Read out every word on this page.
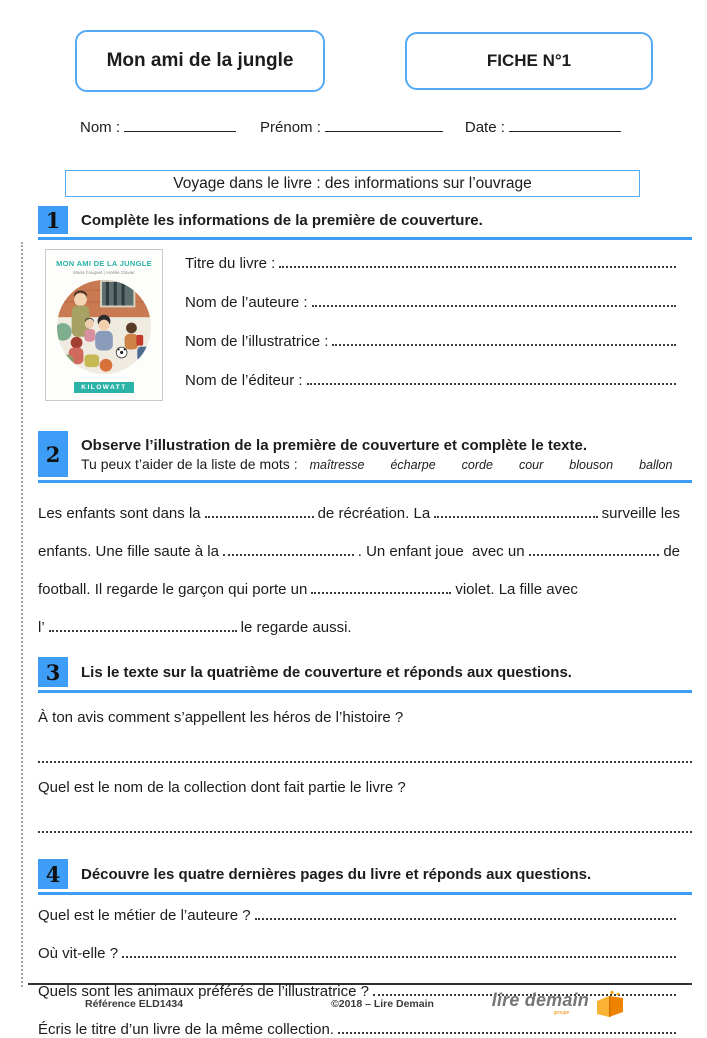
Mon ami de la jungle	FICHE N°1
Nom :	Prénom :	Date :
Voyage dans le livre : des informations sur l’ouvrage
1	Complète les informations de la première de couverture.
MON AMI DE LA JUNGLE
Maria Fouquet | Amélie Clavier
KILOWATT
Titre du livre :
Nom de l’auteure :
Nom de l’illustratrice :
Nom de l’éditeur :
2	Observe l’illustration de la première de couverture et complète le texte.
Tu peux t’aider de la liste de mots : maîtresse écharpe corde cour blouson ballon
Les enfants sont dans la	de récréation. La	surveille les
enfants. Une fille saute à la	. Un enfant joue  avec un	de
football. Il regarde le garçon qui porte un	violet. La fille avec
l’	le regarde aussi.
3	Lis le texte sur la quatrième de couverture et réponds aux questions.
À ton avis comment s’appellent les héros de l’histoire ?
Quel est le nom de la collection dont fait partie le livre ?
4	Découvre les quatre dernières pages du livre et réponds aux questions.
Quel est le métier de l’auteure ?
Où vit-elle ?
Quels sont les animaux préférés de l’illustratrice ?
Écris le titre d’un livre de la même collection.
Référence ELD1434	©2018 – Lire Demain	lire demain
groupe
